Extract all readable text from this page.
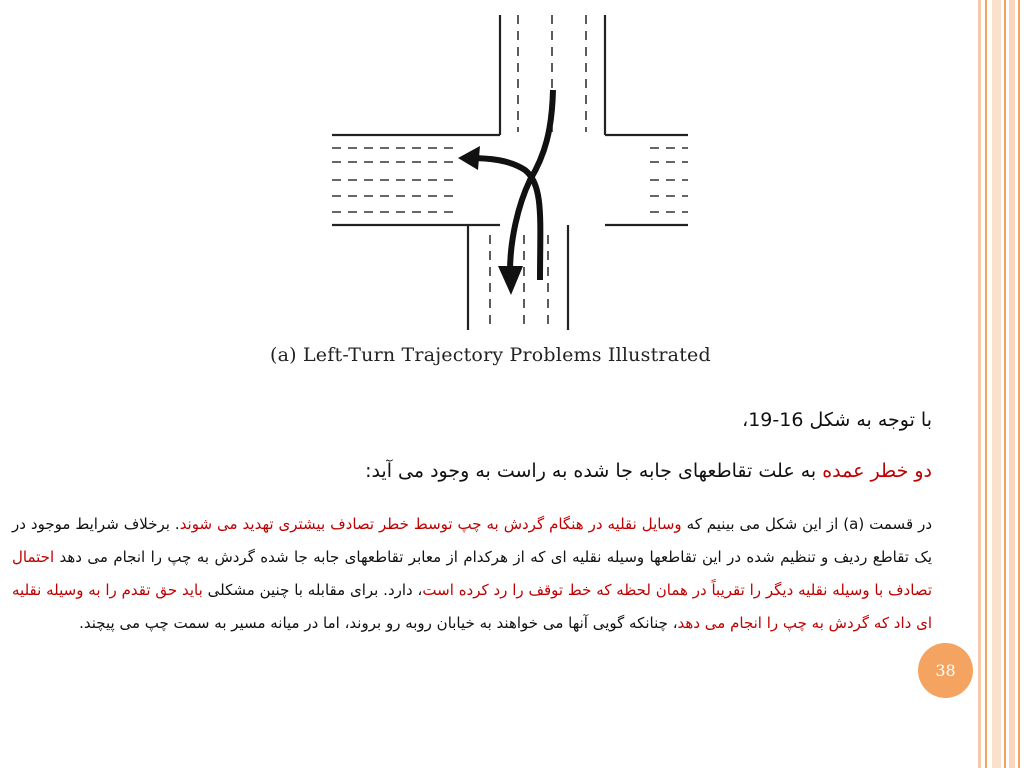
(a) Left-Turn Trajectory Problems Illustrated
با توجه به شکل 16-19،
دو خطر عمده به علت تقاطعهای جابه جا شده به راست به وجود می آید:
در قسمت (a) از این شکل می بینیم که وسایل نقلیه در هنگام گردش به چپ توسط خطر تصادف بیشتری تهدید می شوند. برخلاف شرایط موجود در یک تقاطع ردیف و تنظیم شده در این تقاطعها وسیله نقلیه ای که از هرکدام از معابر تقاطعهای جابه جا شده گردش به چپ را انجام می دهد احتمال تصادف با وسیله نقلیه دیگر را تقریباً در همان لحظه که خط توقف را رد کرده است، دارد. برای مقابله با چنین مشکلی باید حق تقدم را به وسیله نقلیه ای داد که گردش به چپ را انجام می دهد، چنانکه گویی آنها می خواهند به خیابان روبه رو بروند، اما در میانه مسیر به سمت چپ می پیچند.
38
